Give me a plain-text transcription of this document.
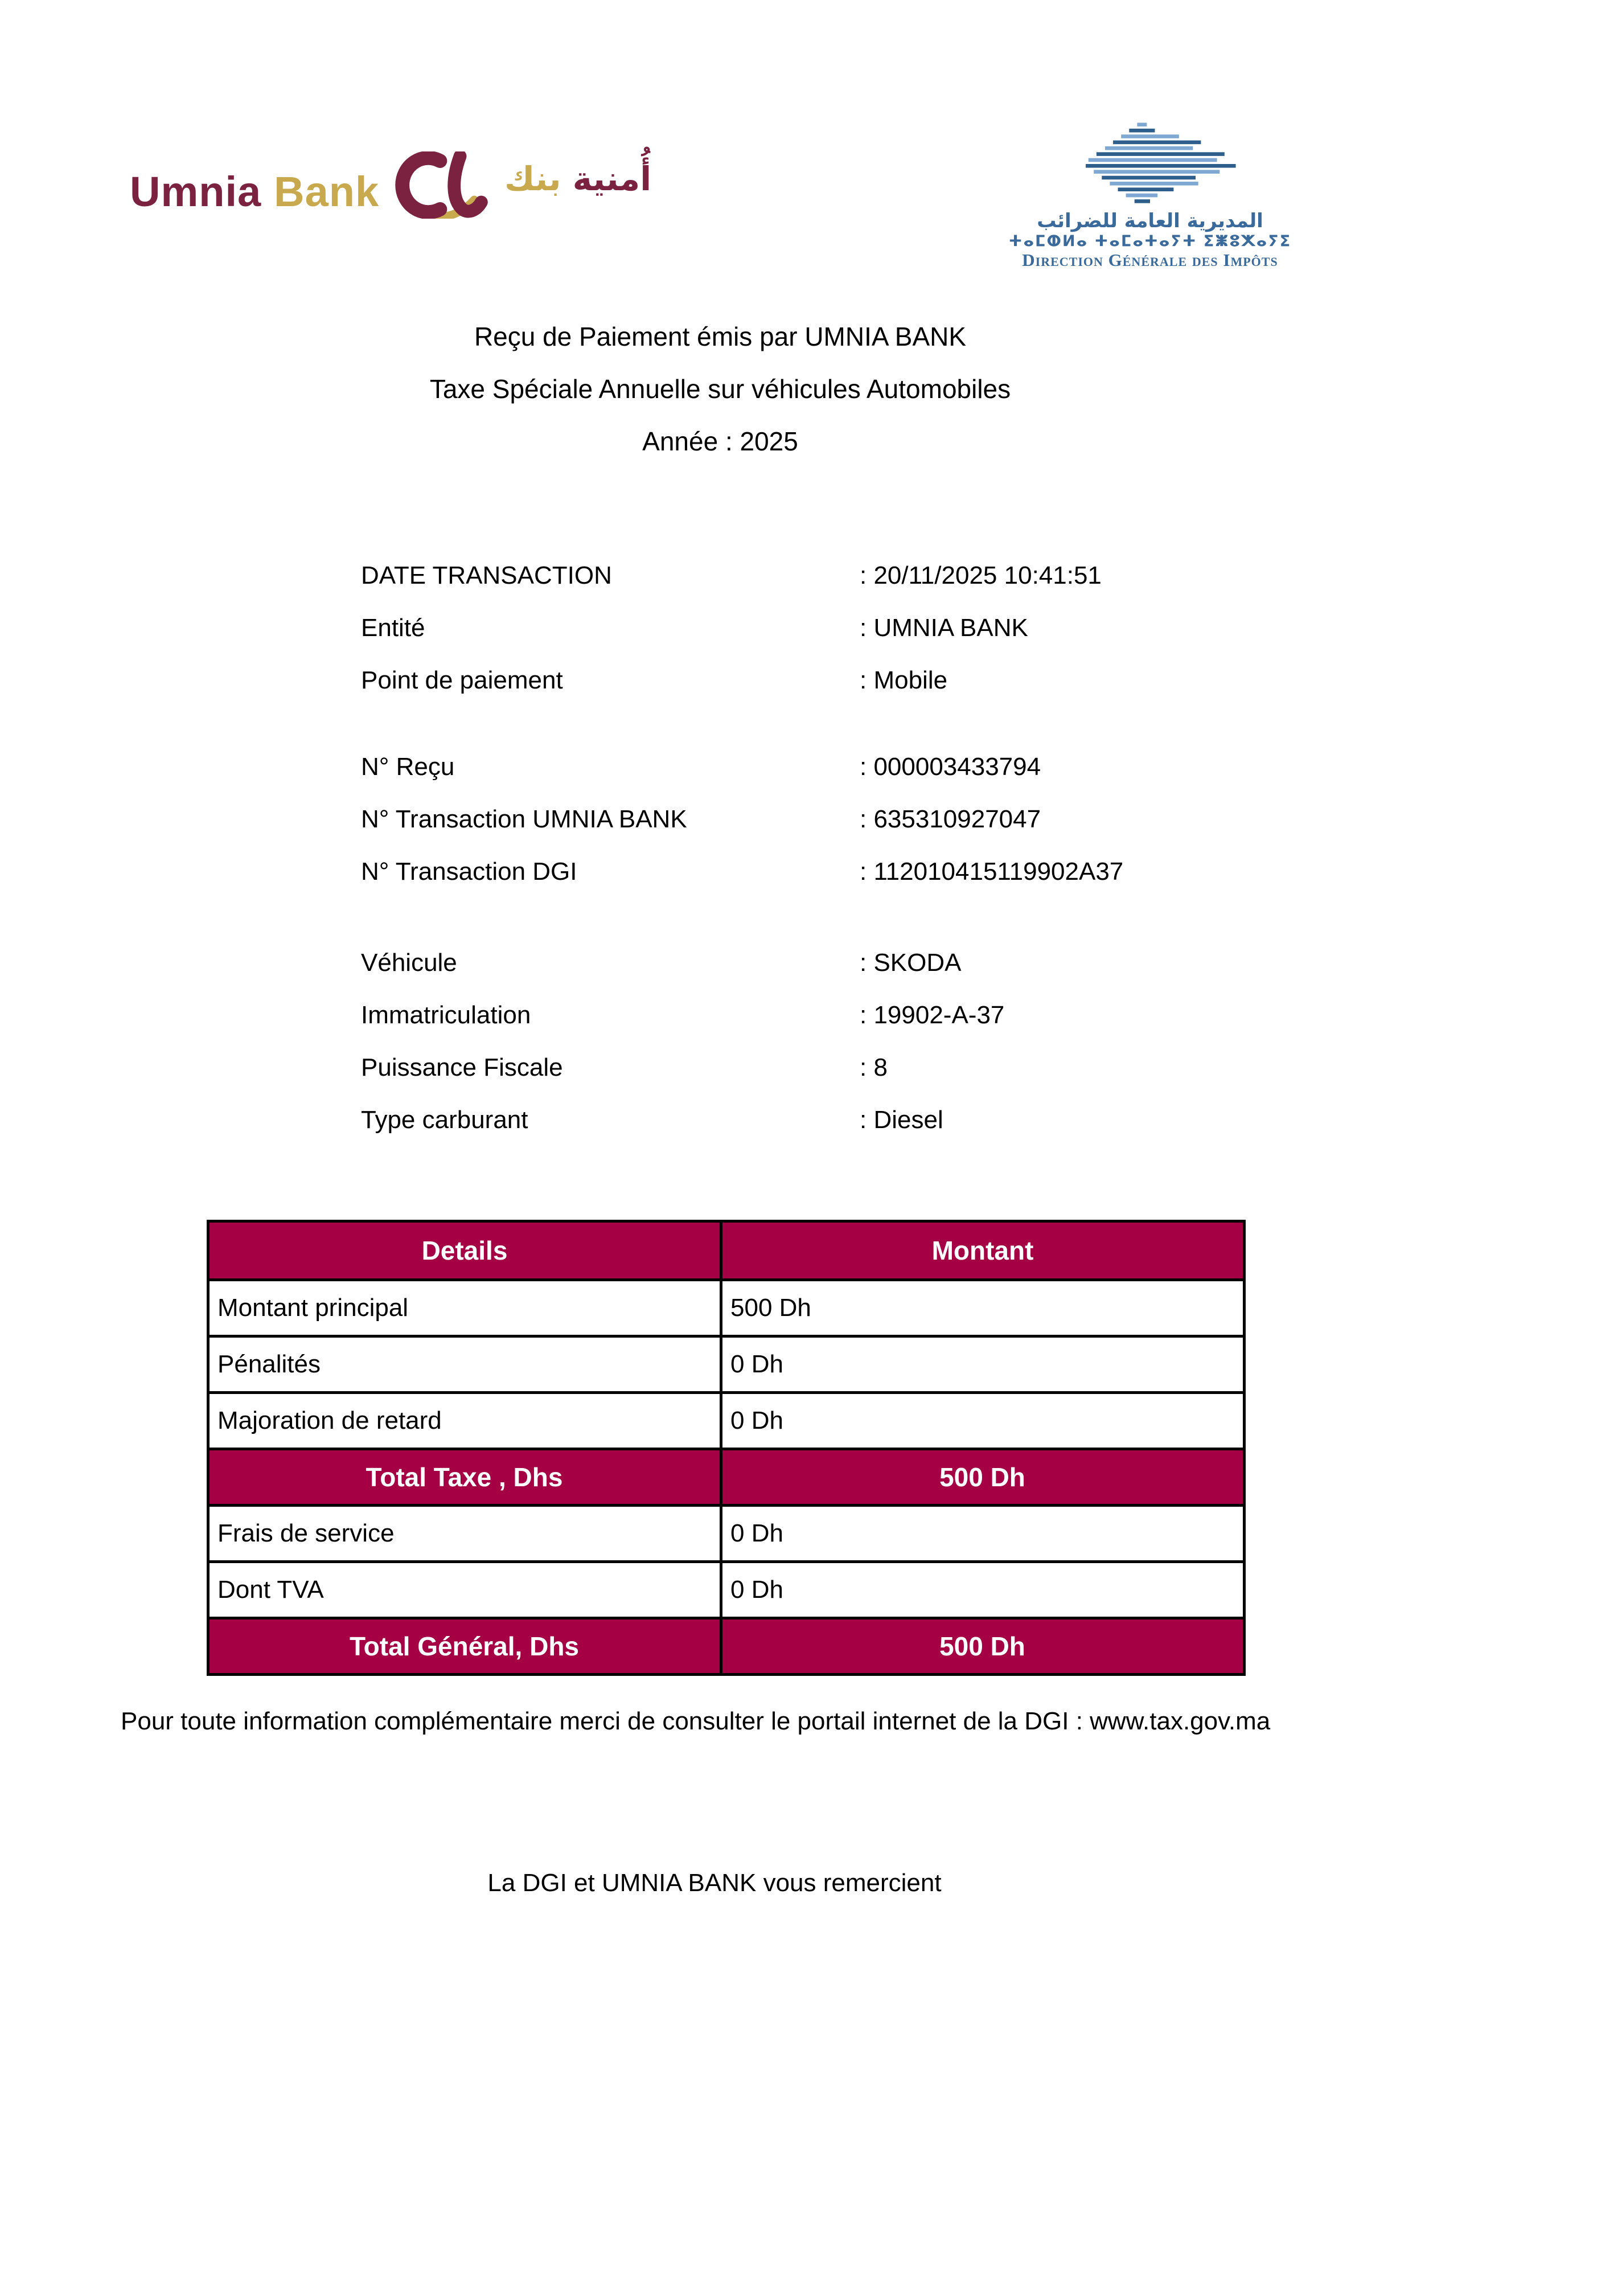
Umnia Bank	أُمنية بنك
المديرية العامة للضرائب
ⵜⴰⵎⵀⵍⴰ ⵜⴰⵎⴰⵜⴰⵢⵜ ⵉⵥⵓⵅⴰⵢⵉ
Direction Générale des Impôts
Reçu de Paiement émis par UMNIA BANK
Taxe Spéciale Annuelle sur véhicules Automobiles
Année : 2025
DATE TRANSACTION	: 20/11/2025 10:41:51
Entité	: UMNIA BANK
Point de paiement	: Mobile
N° Reçu	: 000003433794
N° Transaction UMNIA BANK	: 635310927047
N° Transaction DGI	: 112010415119902A37
Véhicule	: SKODA
Immatriculation	: 19902-A-37
Puissance Fiscale	: 8
Type carburant	: Diesel
Details	Montant
Montant principal	500 Dh
Pénalités	0 Dh
Majoration de retard	0 Dh
Total Taxe , Dhs	500 Dh
Frais de service	0 Dh
Dont TVA	0 Dh
Total Général, Dhs	500 Dh
Pour toute information complémentaire merci de consulter le portail internet de la DGI : www.tax.gov.ma
La DGI et UMNIA BANK vous remercient
